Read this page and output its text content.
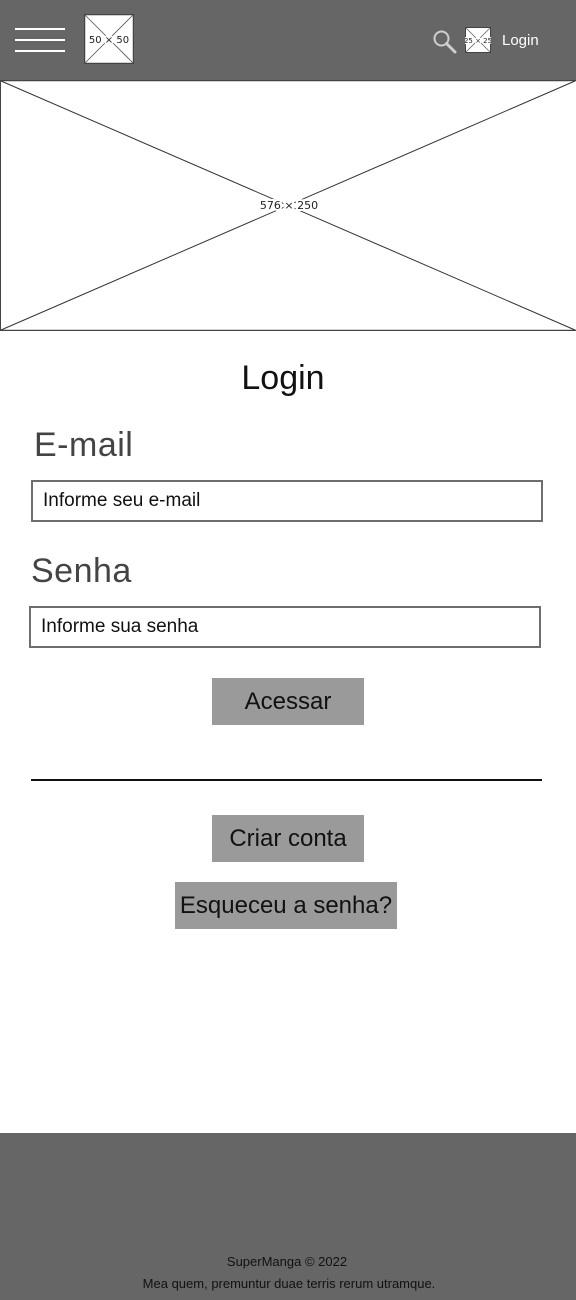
50 × 50	25 × 25 Login
576 × 250
Login
E-mail
Informe seu e-mail
Senha
Acessar
Criar conta
Esqueceu a senha?
SuperManga © 2022
Mea quem, premuntur duae terris rerum utramque.
